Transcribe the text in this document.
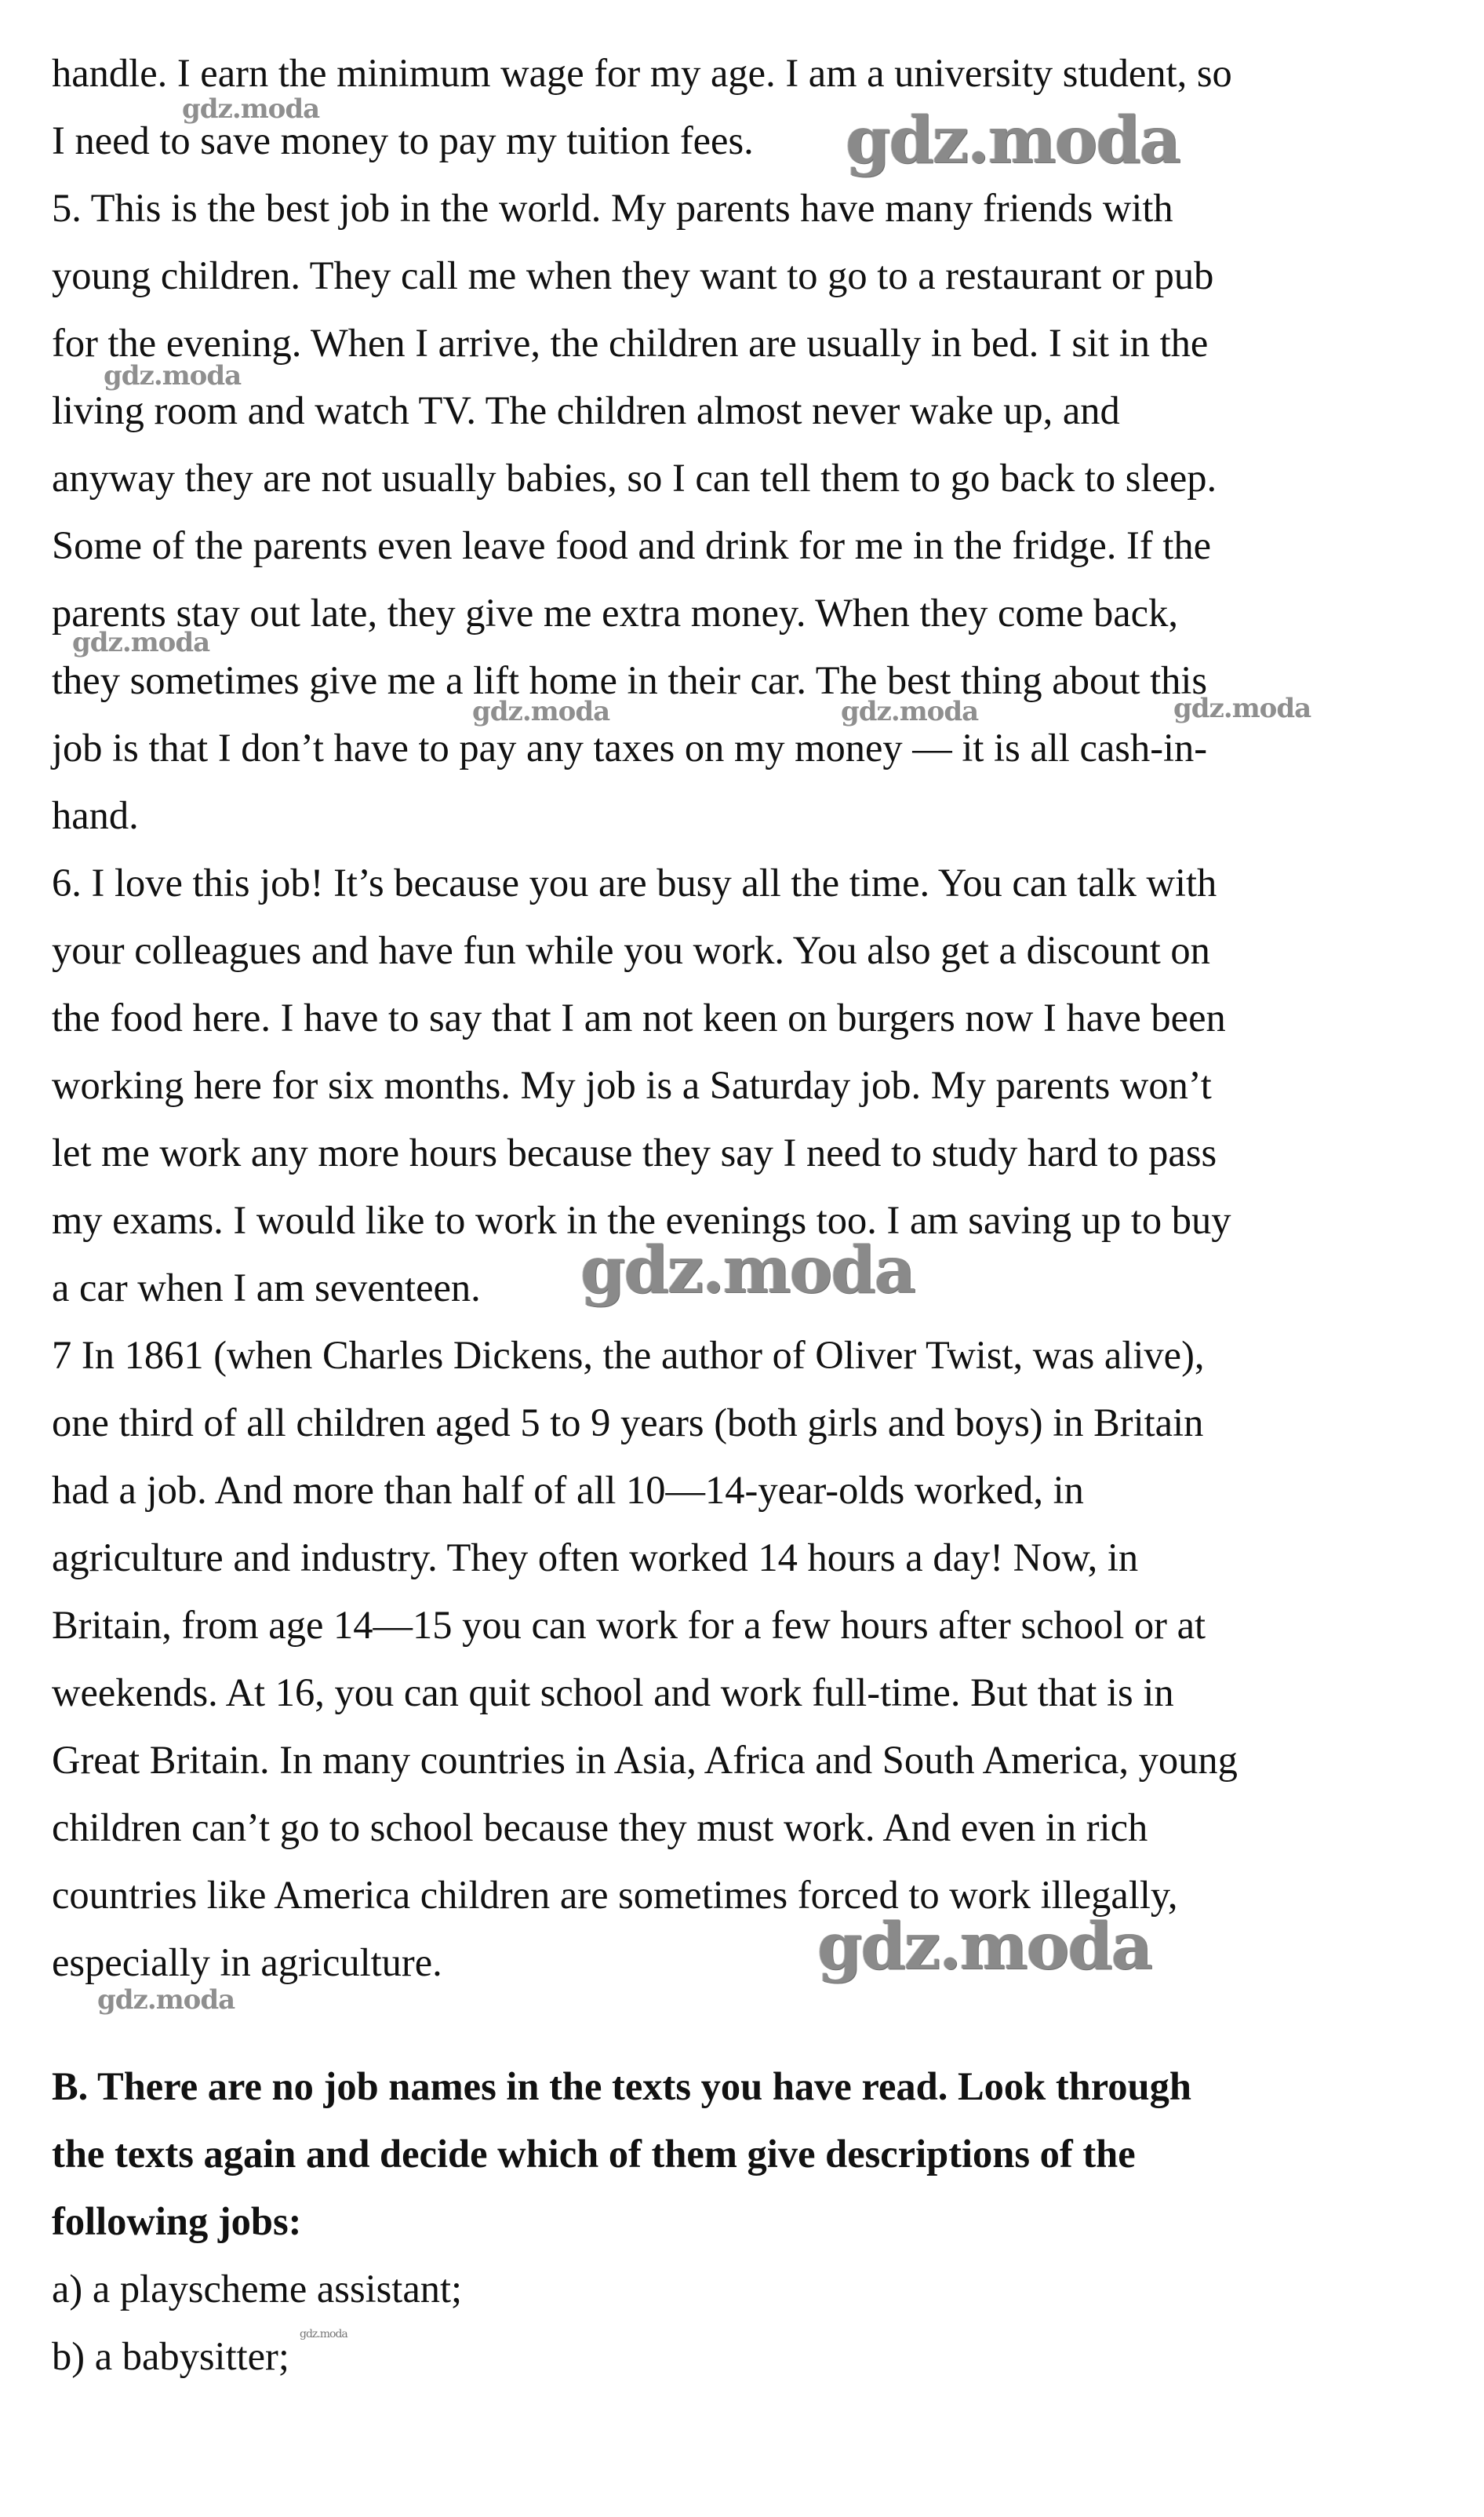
handle. I earn the minimum wage for my age. I am a university student, so
I need to save money to pay my tuition fees.
5. This is the best job in the world. My parents have many friends with
young children. They call me when they want to go to a restaurant or pub
for the evening. When I arrive, the children are usually in bed. I sit in the
living room and watch TV. The children almost never wake up, and
anyway they are not usually babies, so I can tell them to go back to sleep.
Some of the parents even leave food and drink for me in the fridge. If the
parents stay out late, they give me extra money. When they come back,
they sometimes give me a lift home in their car. The best thing about this
job is that I don’t have to pay any taxes on my money — it is all cash-in-
hand.
6. I love this job! It’s because you are busy all the time. You can talk with
your colleagues and have fun while you work. You also get a discount on
the food here. I have to say that I am not keen on burgers now I have been
working here for six months. My job is a Saturday job. My parents won’t
let me work any more hours because they say I need to study hard to pass
my exams. I would like to work in the evenings too. I am saving up to buy
a car when I am seventeen.
7 In 1861 (when Charles Dickens, the author of Oliver Twist, was alive),
one third of all children aged 5 to 9 years (both girls and boys) in Britain
had a job. And more than half of all 10—14-year-olds worked, in
agriculture and industry. They often worked 14 hours a day! Now, in
Britain, from age 14—15 you can work for a few hours after school or at
weekends. At 16, you can quit school and work full-time. But that is in
Great Britain. In many countries in Asia, Africa and South America, young
children can’t go to school because they must work. And even in rich
countries like America children are sometimes forced to work illegally,
especially in agriculture.
B. There are no job names in the texts you have read. Look through
the texts again and decide which of them give descriptions of the
following jobs:
a) a playscheme assistant;
b) a babysitter;
gdz.moda	gdz.moda
gdz.moda
gdz.moda
gdz.moda	gdz.moda	gdz.moda
gdz.moda
gdz.moda
gdz.moda
gdz.moda
